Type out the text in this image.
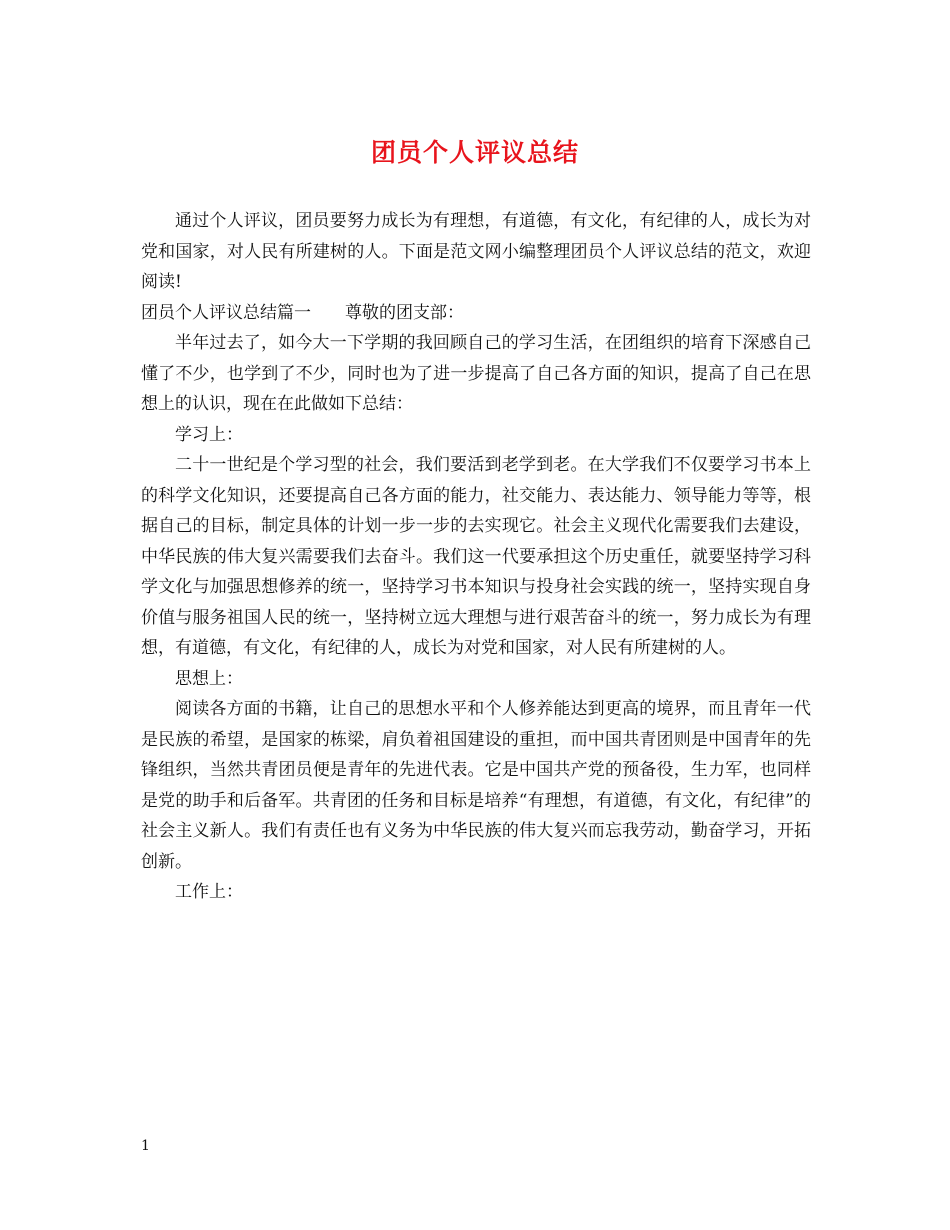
团员个人评议总结

通过个人评议，团员要努力成长为有理想，有道德，有文化，有纪律的人，成长为对党和国家，对人民有所建树的人。下面是范文网小编整理团员个人评议总结的范文，欢迎阅读!

团员个人评议总结篇一　　尊敬的团支部：

半年过去了，如今大一下学期的我回顾自己的学习生活，在团组织的培育下深感自己懂了不少，也学到了不少，同时也为了进一步提高了自己各方面的知识，提高了自己在思想上的认识，现在在此做如下总结：

学习上：

二十一世纪是个学习型的社会，我们要活到老学到老。在大学我们不仅要学习书本上的科学文化知识，还要提高自己各方面的能力，社交能力、表达能力、领导能力等等，根据自己的目标，制定具体的计划一步一步的去实现它。社会主义现代化需要我们去建设，中华民族的伟大复兴需要我们去奋斗。我们这一代要承担这个历史重任，就要坚持学习科学文化与加强思想修养的统一，坚持学习书本知识与投身社会实践的统一，坚持实现自身价值与服务祖国人民的统一，坚持树立远大理想与进行艰苦奋斗的统一，努力成长为有理想，有道德，有文化，有纪律的人，成长为对党和国家，对人民有所建树的人。

思想上：

阅读各方面的书籍，让自己的思想水平和个人修养能达到更高的境界，而且青年一代是民族的希望，是国家的栋梁，肩负着祖国建设的重担，而中国共青团则是中国青年的先锋组织，当然共青团员便是青年的先进代表。它是中国共产党的预备役，生力军，也同样是党的助手和后备军。共青团的任务和目标是培养“有理想，有道德，有文化，有纪律”的社会主义新人。我们有责任也有义务为中华民族的伟大复兴而忘我劳动，勤奋学习，开拓创新。

工作上：

1
